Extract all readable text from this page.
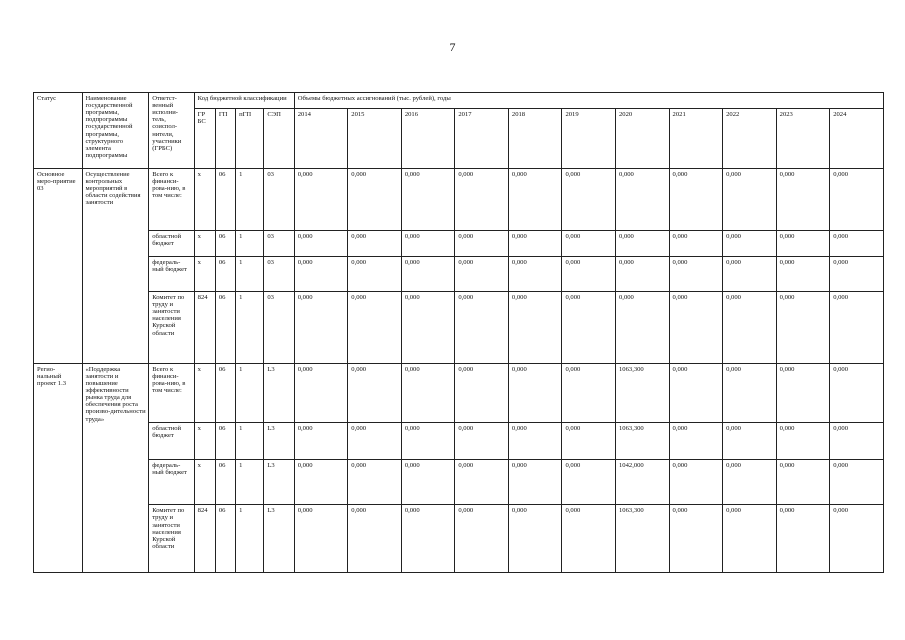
7
Статус	Наименование государственной программы, подпрограммы государственной программы, структурного элемента подпрограммы	Ответст-венный исполни-тель, соиспол-нители, участники (ГРБС)	Код бюджетной классификации				Объемы бюджетных ассигнований (тыс. рублей), годы										
			ГР БС	ГП	пГП	СЭП	2014	2015	2016	2017	2018	2019	2020	2021	2022	2023	2024
Основное меро-приятие 03	Осуществление контрольных мероприятий в области содействия занятости	Всего к финанси-рова-нию, в том числе:	x	06	1	03	0,000	0,000	0,000	0,000	0,000	0,000	0,000	0,000	0,000	0,000	0,000
		областной бюджет	x	06	1	03	0,000	0,000	0,000	0,000	0,000	0,000	0,000	0,000	0,000	0,000	0,000
		федераль-ный бюджет	x	06	1	03	0,000	0,000	0,000	0,000	0,000	0,000	0,000	0,000	0,000	0,000	0,000
		Комитет по труду и занятости населения Курской области	824	06	1	03	0,000	0,000	0,000	0,000	0,000	0,000	0,000	0,000	0,000	0,000	0,000
Регио-нальный проект 1.3	«Поддержка занятости и повышение эффективности рынка труда для обеспечения роста произво-дительности труда»	Всего к финанси-рова-нию, в том числе:	x	06	1	L3	0,000	0,000	0,000	0,000	0,000	0,000	1063,300	0,000	0,000	0,000	0,000
		областной бюджет	x	06	1	L3	0,000	0,000	0,000	0,000	0,000	0,000	1063,300	0,000	0,000	0,000	0,000
		федераль-ный бюджет	x	06	1	L3	0,000	0,000	0,000	0,000	0,000	0,000	1042,000	0,000	0,000	0,000	0,000
		Комитет по труду и занятости населения Курской области	824	06	1	L3	0,000	0,000	0,000	0,000	0,000	0,000	1063,300	0,000	0,000	0,000	0,000
